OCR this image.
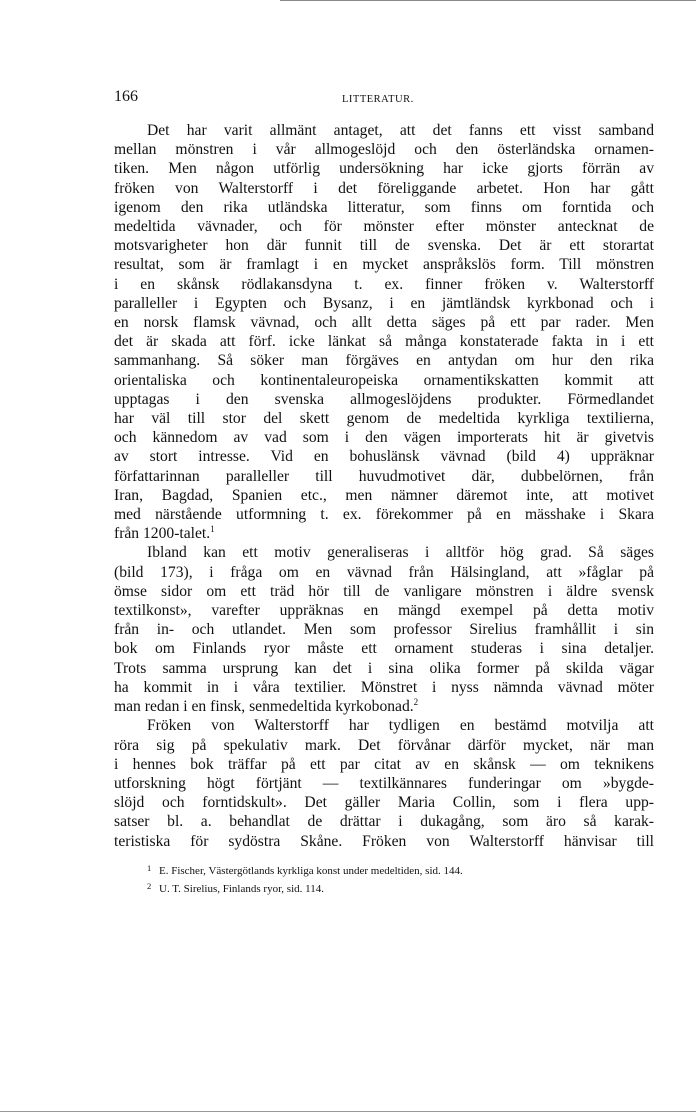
166	LITTERATUR.
Det har varit allmänt antaget, att det fanns ett visst samband
mellan mönstren i vår allmogeslöjd och den österländska ornamen-
tiken. Men någon utförlig undersökning har icke gjorts förrän av
fröken von Walterstorff i det föreliggande arbetet. Hon har gått
igenom den rika utländska litteratur, som finns om forntida och
medeltida vävnader, och för mönster efter mönster antecknat de
motsvarigheter hon där funnit till de svenska. Det är ett storartat
resultat, som är framlagt i en mycket anspråkslös form. Till mönstren
i en skånsk rödlakansdyna t. ex. finner fröken v. Walterstorff
paralleller i Egypten och Bysanz, i en jämtländsk kyrkbonad och i
en norsk flamsk vävnad, och allt detta säges på ett par rader. Men
det är skada att förf. icke länkat så många konstaterade fakta in i ett
sammanhang. Så söker man förgäves en antydan om hur den rika
orientaliska och kontinentaleuropeiska ornamentikskatten kommit att
upptagas i den svenska allmogeslöjdens produkter. Förmedlandet
har väl till stor del skett genom de medeltida kyrkliga textilierna,
och kännedom av vad som i den vägen importerats hit är givetvis
av stort intresse. Vid en bohuslänsk vävnad (bild 4) uppräknar
författarinnan paralleller till huvudmotivet där, dubbelörnen, från
Iran, Bagdad, Spanien etc., men nämner däremot inte, att motivet
med närstående utformning t. ex. förekommer på en mässhake i Skara
från 1200-talet.$^1$
Ibland kan ett motiv generaliseras i alltför hög grad. Så säges
(bild 173), i fråga om en vävnad från Hälsingland, att »fåglar på
ömse sidor om ett träd hör till de vanligare mönstren i äldre svensk
textilkonst», varefter uppräknas en mängd exempel på detta motiv
från in- och utlandet. Men som professor Sirelius framhållit i sin
bok om Finlands ryor måste ett ornament studeras i sina detaljer.
Trots samma ursprung kan det i sina olika former på skilda vägar
ha kommit in i våra textilier. Mönstret i nyss nämnda vävnad möter
man redan i en finsk, senmedeltida kyrkobonad.$^2$
Fröken von Walterstorff har tydligen en bestämd motvilja att
röra sig på spekulativ mark. Det förvånar därför mycket, när man
i hennes bok träffar på ett par citat av en skånsk — om teknikens
utforskning högt förtjänt — textilkännares funderingar om »bygde-
slöjd och forntidskult». Det gäller Maria Collin, som i flera upp-
satser bl. a. behandlat de drättar i dukagång, som äro så karak-
teristiska för sydöstra Skåne. Fröken von Walterstorff hänvisar till
1 E. Fischer, Västergötlands kyrkliga konst under medeltiden, sid. 144.
2 U. T. Sirelius, Finlands ryor, sid. 114.
